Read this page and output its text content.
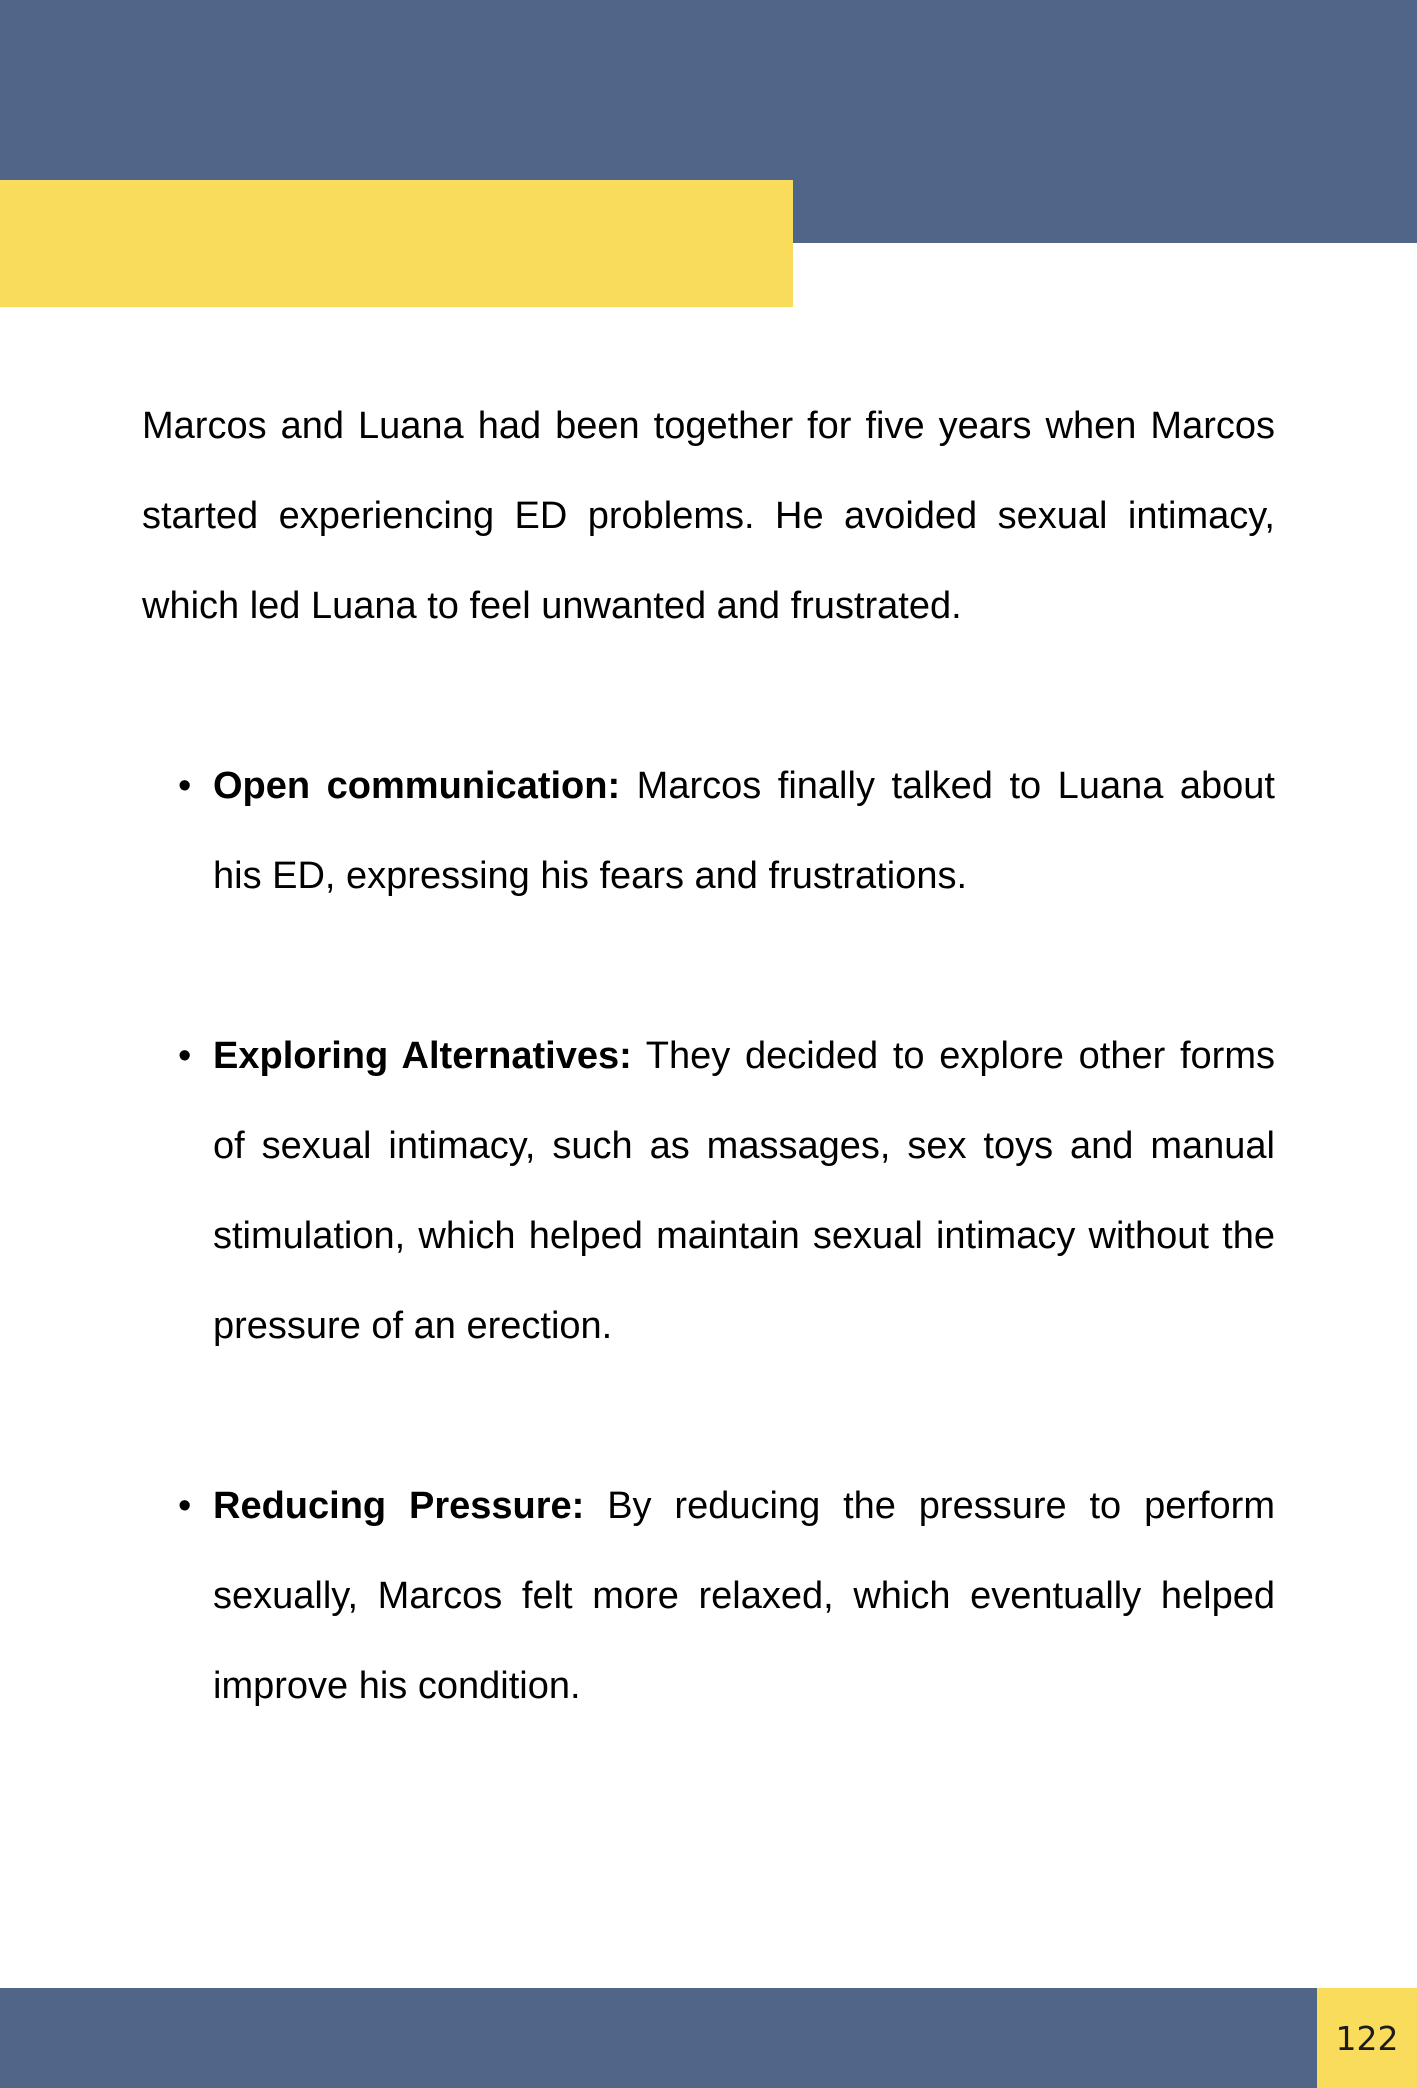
Marcos and Luana had been together for five years when Marcos started experiencing ED problems. He avoided sexual intimacy, which led Luana to feel unwanted and frustrated.

• Open communication: Marcos finally talked to Luana about his ED, expressing his fears and frustrations.
• Exploring Alternatives: They decided to explore other forms of sexual intimacy, such as massages, sex toys and manual stimulation, which helped maintain sexual intimacy without the pressure of an erection.
• Reducing Pressure: By reducing the pressure to perform sexually, Marcos felt more relaxed, which eventually helped improve his condition.
122
